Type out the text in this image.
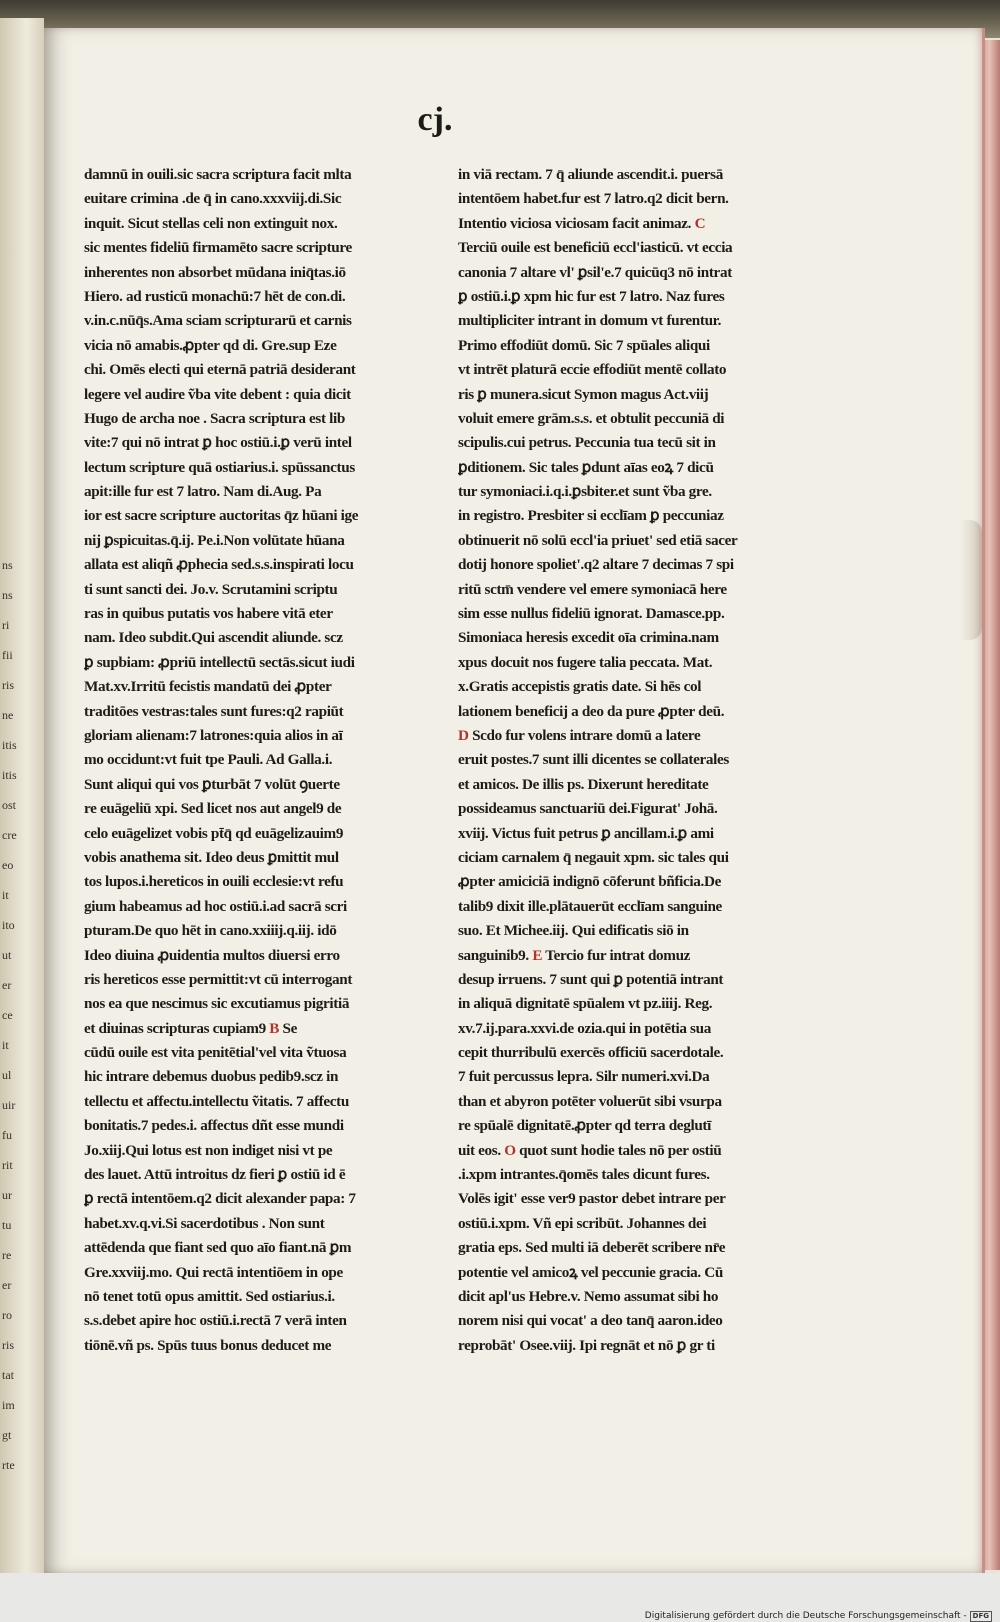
ns
ns
ri
fii
ris
ne
itis
itis
ost
cre
eo
it
ito
ut
er
ce
it
ul
uir
fu
rit
ur
tu
re
er
ro
ris
tat
im
gt
rte
cj.
damnū in ouili.sic sacra scriptura facit mlta
euitare crimina .de q̄ in cano.xxxviij.di.Sic
inquit. Sicut stellas celi non extinguit nox.
sic mentes fideliū firmamēto sacre scripture
inherentes non absorbet mūdana iniq̄tas.iō
Hiero. ad rusticū monachū:7 hēt de con.di.
v.in.c.nūq̄s.Ama sciam scripturarū et carnis
vicia nō amabis.ꝓpter qd di. Gre.sup Eze
chi. Omēs electi qui eternā patriā desiderant
legere vel audire ṽba vite debent : quia dicit
Hugo de archa noe . Sacra scriptura est lib
vite:7 qui nō intrat ꝑ hoc ostiū.i.ꝑ verū intel
lectum scripture quā ostiarius.i. spūssanctus
apit:ille fur est 7 latro. Nam di.Aug. Pa
ior est sacre scripture auctoritas q̄z hūani ige
nij ꝑspicuitas.q̄.ij. Pe.i.Non volūtate hūana
allata est aliqñ ꝓphecia sed.s.s.inspirati locu
ti sunt sancti dei. Jo.v. Scrutamini scriptu
ras in quibus putatis vos habere vitā eter
nam. Ideo subdit.Qui ascendit aliunde. scz
ꝑ supbiam: ꝓpriū intellectū sectās.sicut iudi
Mat.xv.Irritū fecistis mandatū dei ꝓpter
traditōes vestras:tales sunt fures:q2 rapiūt
gloriam alienam:7 latrones:quia alios in aī
mo occidunt:vt fuit tpe Pauli. Ad Galla.i.
Sunt aliqui qui vos ꝑturbāt 7 volūt ꝯuerte
re euāgeliū xpi. Sed licet nos aut angel9 de
celo euāgelizet vobis pt̄q̄ qd euāgelizauim9
vobis anathema sit. Ideo deus ꝑmittit mul
tos lupos.i.hereticos in ouili ecclesie:vt refu
gium habeamus ad hoc ostiū.i.ad sacrā scri
pturam.De quo hēt in cano.xxiiij.q.iij. idō
Ideo diuina ꝓuidentia multos diuersi erro
ris hereticos esse permittit:vt cū interrogant
nos ea que nescimus sic excutiamus pigritiā
et diuinas scripturas cupiam9 B Se
cūdū ouile est vita penitētial'vel vita ṽtuosa
hic intrare debemus duobus pedib9.scz in
tellectu et affectu.intellectu ṽitatis. 7 affectu
bonitatis.7 pedes.i. affectus dñt esse mundi
Jo.xiij.Qui lotus est non indiget nisi vt pe
des lauet. Attū introitus dz fieri ꝑ ostiū id ē
ꝑ rectā intentōem.q2 dicit alexander papa: 7
habet.xv.q.vi.Si sacerdotibus . Non sunt
attēdenda que fiant sed quo aīo fiant.nā ꝑm
Gre.xxviij.mo. Qui rectā intentiōem in ope
nō tenet totū opus amittit. Sed ostiarius.i.
s.s.debet apire hoc ostiū.i.rectā 7 verā inten
tiōnē.vñ ps. Spūs tuus bonus deducet me
in viā rectam. 7 q̄ aliunde ascendit.i. puersā
intentōem habet.fur est 7 latro.q2 dicit bern.
Intentio viciosa viciosam facit animaz. C
Terciū ouile est beneficiū eccl'iasticū. vt eccia
canonia 7 altare vl' ꝑsil'e.7 quicūq3 nō intrat
ꝑ ostiū.i.ꝑ xpm hic fur est 7 latro. Naz fures
multipliciter intrant in domum vt furentur.
Primo effodiūt domū. Sic 7 spūales aliqui
vt intrēt platurā eccie effodiūt mentē collato
ris ꝑ munera.sicut Symon magus Act.viij
voluit emere grām.s.s. et obtulit peccuniā di
scipulis.cui petrus. Peccunia tua tecū sit in
ꝑditionem. Sic tales ꝑdunt aīas eoꝝ 7 dicū
tur symoniaci.i.q.i.ꝑsbiter.et sunt ṽba gre.
in registro. Presbiter si ecclīam ꝑ peccuniaz
obtinuerit nō solū eccl'ia priuet' sed etiā sacer
dotij honore spoliet'.q2 altare 7 decimas 7 spi
ritū sctm̄ vendere vel emere symoniacā here
sim esse nullus fideliū ignorat. Damasce.pp.
Simoniaca heresis excedit oīa crimina.nam
xpus docuit nos fugere talia peccata. Mat.
x.Gratis accepistis gratis date. Si hēs col
lationem beneficij a deo da pure ꝓpter deū.
D Scdo fur volens intrare domū a latere
eruit postes.7 sunt illi dicentes se collaterales
et amicos. De illis ps. Dixerunt hereditate
possideamus sanctuariū dei.Figurat' Johā.
xviij. Victus fuit petrus ꝑ ancillam.i.ꝑ ami
ciciam carnalem q̄ negauit xpm. sic tales qui
ꝓpter amiciciā indignō cōferunt bñficia.De
talib9 dixit ille.plātauerūt ecclīam sanguine
suo. Et Michee.iij. Qui edificatis siō in
sanguinib9. E Tercio fur intrat domuz
desup irruens. 7 sunt qui ꝑ potentiā intrant
in aliquā dignitatē spūalem vt pz.iiij. Reg.
xv.7.ij.para.xxvi.de ozia.qui in potētia sua
cepit thurribulū exercēs officiū sacerdotale.
7 fuit percussus lepra. Silr numeri.xvi.Da
than et abyron potēter voluerūt sibi vsurpa
re spūalē dignitatē.ꝓpter qd terra deglutī
uit eos. O quot sunt hodie tales nō per ostiū
.i.xpm intrantes.q̄omēs tales dicunt fures.
Volēs igit' esse ver9 pastor debet intrare per
ostiū.i.xpm. Vñ epi scribūt. Johannes dei
gratia eps. Sed multi iā deberēt scribere nr̄e
potentie vel amicoꝝ vel peccunie gracia. Cū
dicit apl'us Hebre.v. Nemo assumat sibi ho
norem nisi qui vocat' a deo tanq̄ aaron.ideo
reprobāt' Osee.viij. Ipi regnāt et nō ꝑ gr ti
Digitalisierung gefördert durch die Deutsche Forschungsgemeinschaft - DFG
